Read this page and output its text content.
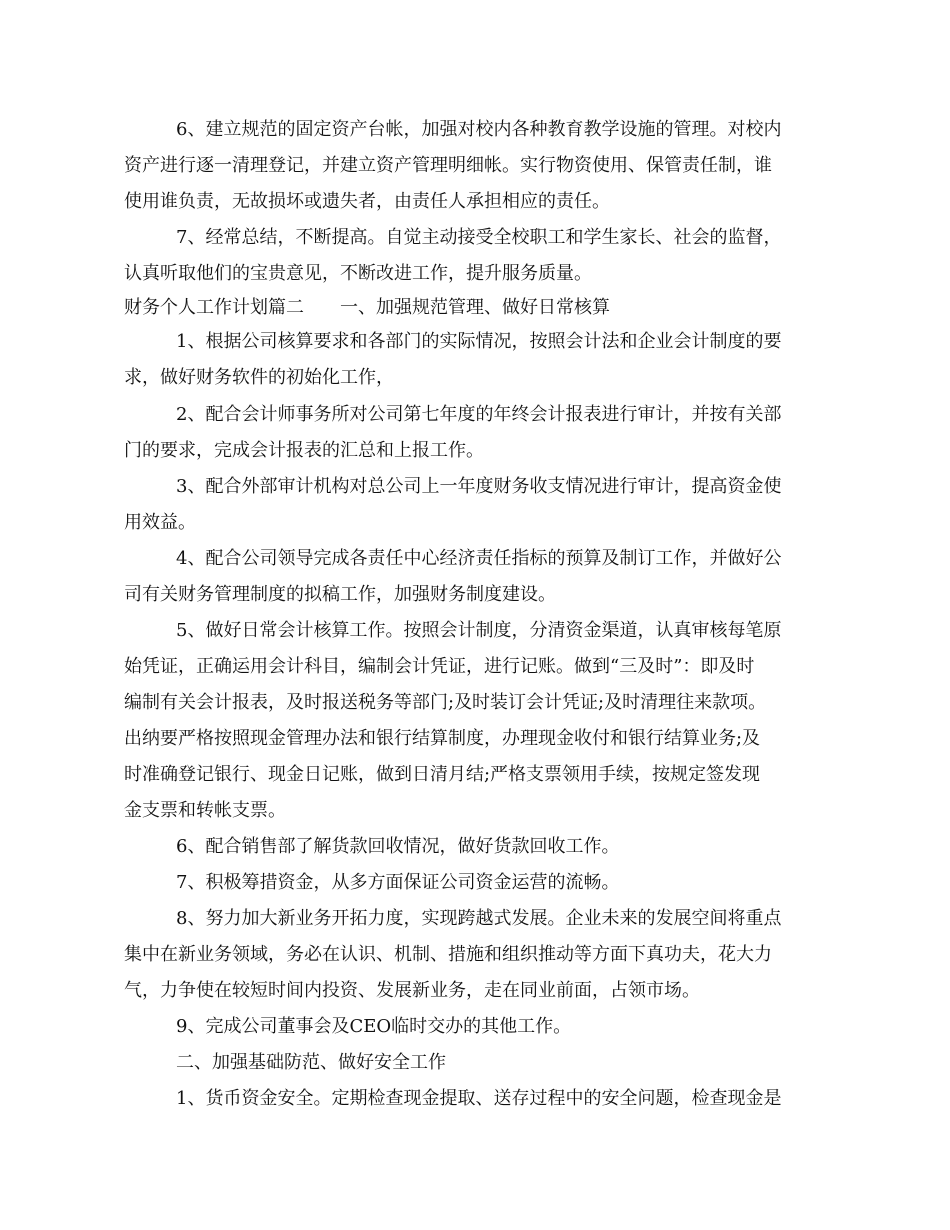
6、建立规范的固定资产台帐，加强对校内各种教育教学设施的管理。对校内
资产进行逐一清理登记，并建立资产管理明细帐。实行物资使用、保管责任制，谁
使用谁负责，无故损坏或遗失者，由责任人承担相应的责任。
7、经常总结，不断提高。自觉主动接受全校职工和学生家长、社会的监督，
认真听取他们的宝贵意见，不断改进工作，提升服务质量。
财务个人工作计划篇二　　一、加强规范管理、做好日常核算
1、根据公司核算要求和各部门的实际情况，按照会计法和企业会计制度的要
求，做好财务软件的初始化工作，
2、配合会计师事务所对公司第七年度的年终会计报表进行审计，并按有关部
门的要求，完成会计报表的汇总和上报工作。
3、配合外部审计机构对总公司上一年度财务收支情况进行审计，提高资金使
用效益。
4、配合公司领导完成各责任中心经济责任指标的预算及制订工作，并做好公
司有关财务管理制度的拟稿工作，加强财务制度建设。
5、做好日常会计核算工作。按照会计制度，分清资金渠道，认真审核每笔原
始凭证，正确运用会计科目，编制会计凭证，进行记账。做到“三及时”：即及时
编制有关会计报表，及时报送税务等部门;及时装订会计凭证;及时清理往来款项。
出纳要严格按照现金管理办法和银行结算制度，办理现金收付和银行结算业务;及
时准确登记银行、现金日记账，做到日清月结;严格支票领用手续，按规定签发现
金支票和转帐支票。
6、配合销售部了解货款回收情况，做好货款回收工作。
7、积极筹措资金，从多方面保证公司资金运营的流畅。
8、努力加大新业务开拓力度，实现跨越式发展。企业未来的发展空间将重点
集中在新业务领域，务必在认识、机制、措施和组织推动等方面下真功夫，花大力
气，力争使在较短时间内投资、发展新业务，走在同业前面，占领市场。
9、完成公司董事会及CEO临时交办的其他工作。
二、加强基础防范、做好安全工作
1、货币资金安全。定期检查现金提取、送存过程中的安全问题，检查现金是
